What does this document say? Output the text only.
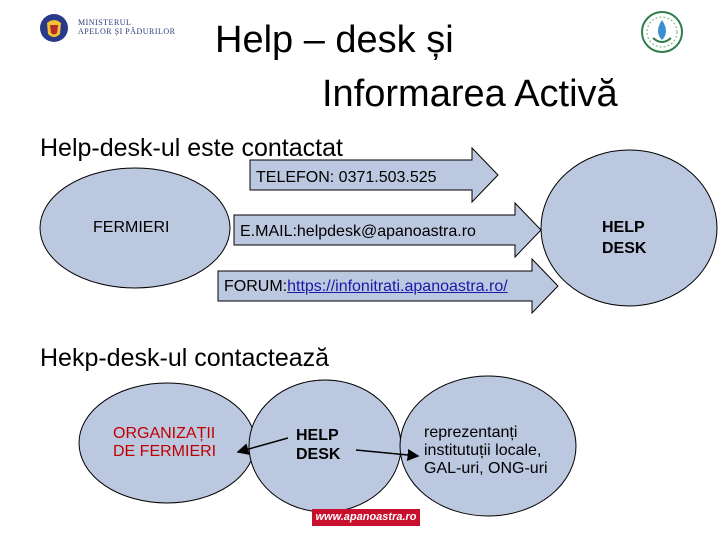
MINISTERUL
APELOR ȘI PĂDURILOR Help – desk și
Informarea Activă
Help-desk-ul este contactat
TELEFON: 0371.503.525
E.MAIL:helpdesk@apanoastra.ro
FORUM:https://infonitrati.apanoastra.ro/
FERMIERI	HELP
DESK
Hekp-desk-ul contactează
ORGANIZAȚII
DE FERMIERI
HELP
DESK
reprezentanți
institutuții locale,
GAL-uri, ONG-uri
www.apanoastra.ro
